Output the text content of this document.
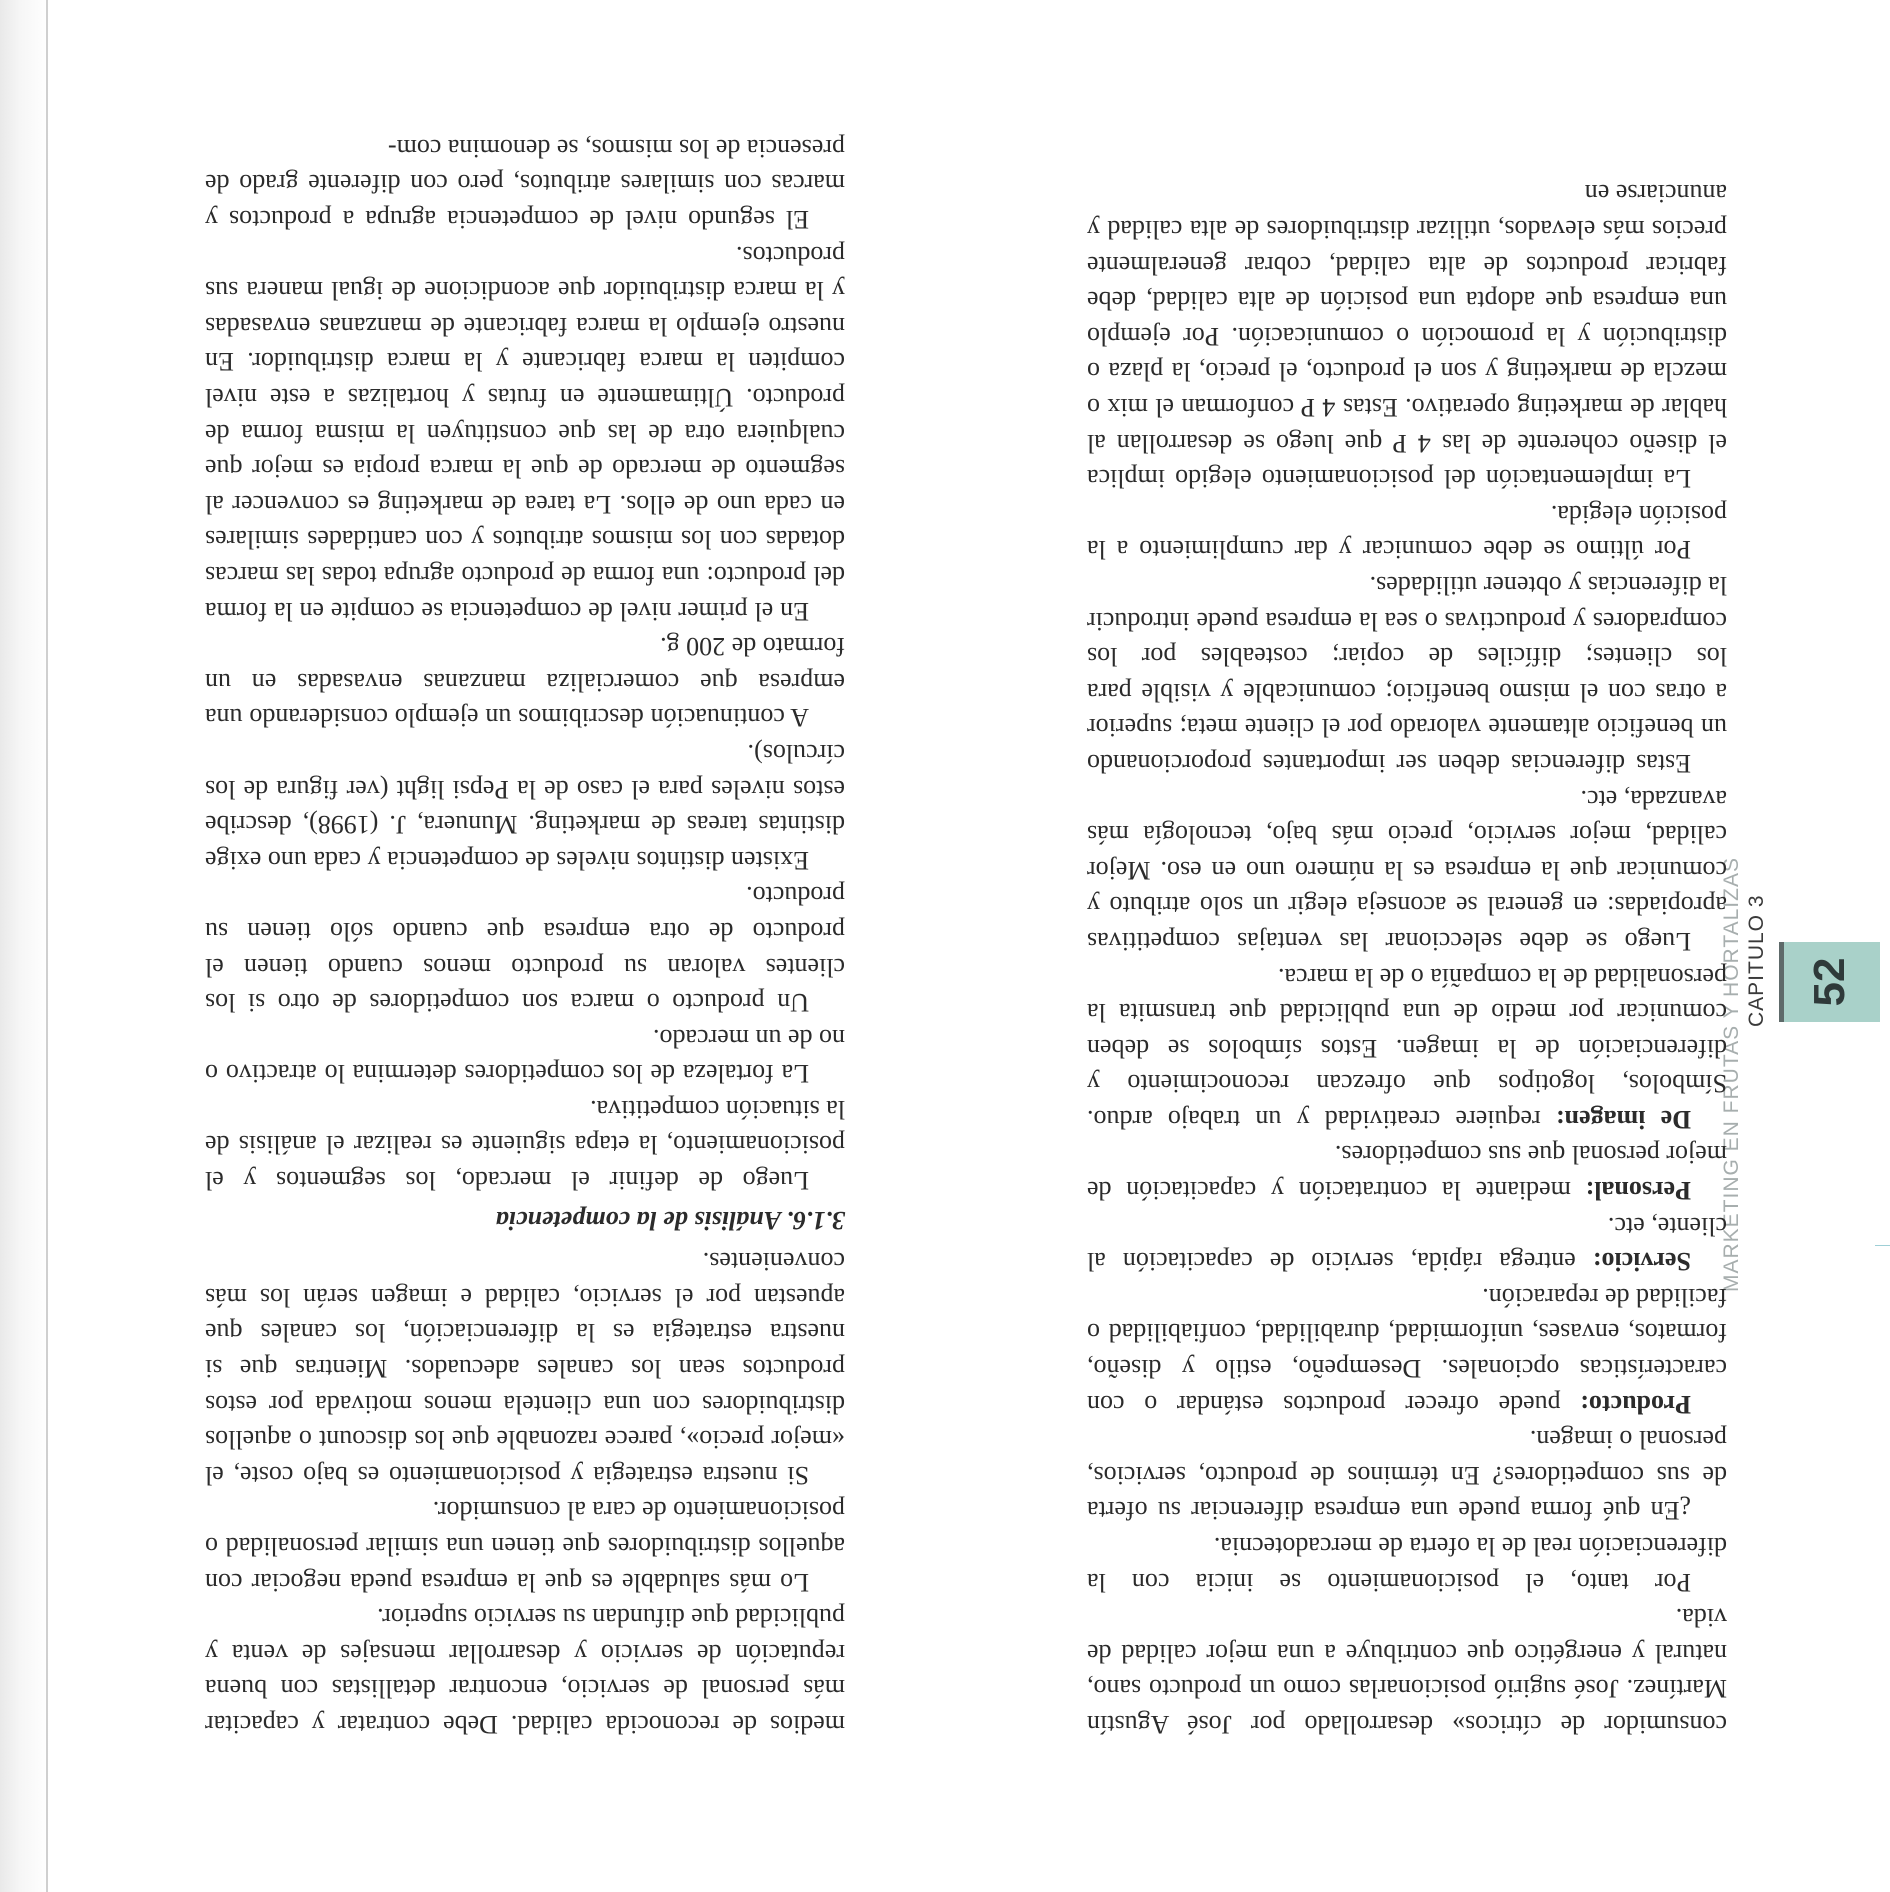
52
MARKETING EN FRUTAS Y HORTALIZAS CAPITULO 3

consumidor de cítricos» desarrollado por José Agustín Martínez. José sugirió posicionarlas como un producto sano, natural y energético que contribuye a una mejor calidad de vida.

Por tanto, el posicionamiento se inicia con la diferenciación real de la oferta de mercadotecnia.

¿En qué forma puede una empresa diferenciar su oferta de sus competidores? En términos de producto, servicios, personal o imagen.

Producto: puede ofrecer productos estándar o con características opcionales. Desempeño, estilo y diseño, formatos, envases, uniformidad, durabilidad, confiabilidad o facilidad de reparación.

Servicio: entrega rápida, servicio de capacitación al cliente, etc.

Personal: mediante la contratación y capacitación de mejor personal que sus competidores.

De imagen: requiere creatividad y un trabajo arduo. Símbolos, logotipos que ofrezcan reconocimiento y diferenciación de la imagen. Estos símbolos se deben comunicar por medio de una publicidad que transmita la personalidad de la compañía o de la marca.

Luego se debe seleccionar las ventajas competitivas apropiadas: en general se aconseja elegir un solo atributo y comunicar que la empresa es la número uno en eso. Mejor calidad, mejor servicio, precio más bajo, tecnología más avanzada, etc.

Estas diferencias deben ser importantes proporcionando un beneficio altamente valorado por el cliente meta; superior a otras con el mismo beneficio; comunicable y visible para los clientes; difíciles de copiar; costeables por los compradores y productivas o sea la empresa puede introducir la diferencias y obtener utilidades.

Por último se debe comunicar y dar cumplimiento a la posición elegida.

La implementación del posicionamiento elegido implica el diseño coherente de las 4 P que luego se desarrollan al hablar de marketing operativo. Estas 4 P conforman el mix o mezcla de marketing y son el producto, el precio, la plaza o distribución y la promoción o comunicación. Por ejemplo una empresa que adopta una posición de alta calidad, debe fabricar productos de alta calidad, cobrar generalmente precios más elevados, utilizar distribuidores de alta calidad y anunciarse en

medios de reconocida calidad. Debe contratar y capacitar más personal de servicio, encontrar detallistas con buena reputación de servicio y desarrollar mensajes de venta y publicidad que difundan su servicio superior.

Lo más saludable es que la empresa pueda negociar con aquellos distribuidores que tienen una similar personalidad o posicionamiento de cara al consumidor.

Si nuestra estrategia y posicionamiento es bajo coste, el «mejor precio», parece razonable que los discount o aquellos distribuidores con una clientela menos motivada por estos productos sean los canales adecuados. Mientras que si nuestra estrategia es la diferenciación, los canales que apuestan por el servicio, calidad e imagen serán los más convenientes.

3.1.6. Análisis de la competencia

Luego de definir el mercado, los segmentos y el posicionamiento, la etapa siguiente es realizar el análisis de la situación competitiva.

La fortaleza de los competidores determina lo atractivo o no de un mercado.

Un producto o marca son competidores de otro si los clientes valoran su producto menos cuando tienen el producto de otra empresa que cuando sólo tienen su producto.

Existen distintos niveles de competencia y cada uno exige distintas tareas de marketing. Munuera, J. (1998), describe estos niveles para el caso de la Pepsi light (ver figura de los círculos).

A continuación describimos un ejemplo considerando una empresa que comercializa manzanas envasadas en un formato de 200 g.

En el primer nivel de competencia se compite en la forma del producto: una forma de producto agrupa todas las marcas dotadas con los mismos atributos y con cantidades similares en cada uno de ellos. La tarea de marketing es convencer al segmento de mercado de que la marca propia es mejor que cualquiera otra de las que constituyen la misma forma de producto. Últimamente en frutas y hortalizas a este nivel compiten la marca fabricante y la marca distribuidor. En nuestro ejemplo la marca fabricante de manzanas envasadas y la marca distribuidor que acondicione de igual manera sus productos.

El segundo nivel de competencia agrupa a productos y marcas con similares atributos, pero con diferente grado de presencia de los mismos, se denomina com-
